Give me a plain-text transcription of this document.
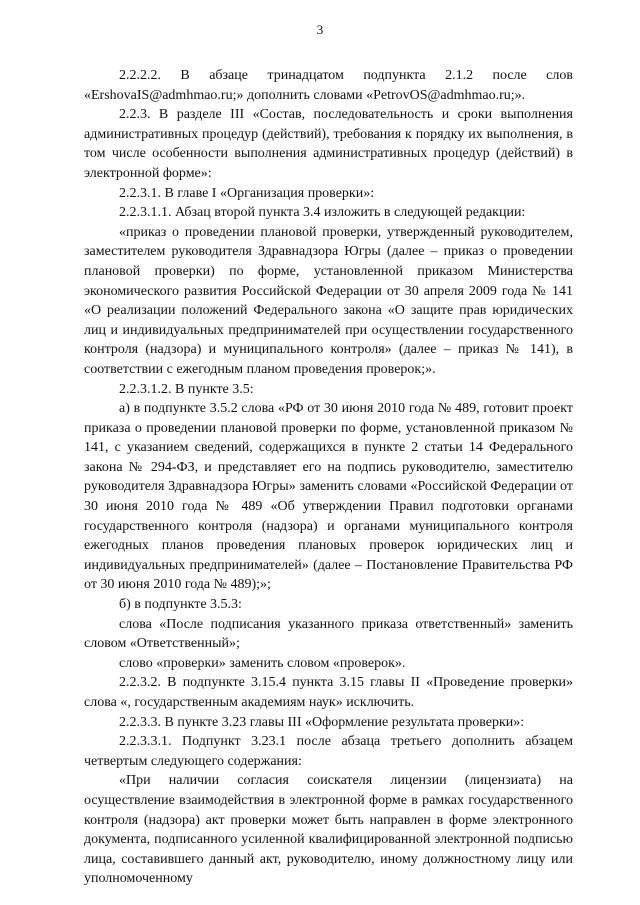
3

2.2.2.2. В абзаце тринадцатом подпункта 2.1.2 после слов «ErshovaIS@admhmao.ru;» дополнить словами «PetrovOS@admhmao.ru;».

2.2.3. В разделе III «Состав, последовательность и сроки выполнения административных процедур (действий), требования к порядку их выполнения, в том числе особенности выполнения административных процедур (действий) в электронной форме»:

2.2.3.1. В главе I «Организация проверки»:

2.2.3.1.1. Абзац второй пункта 3.4 изложить в следующей редакции:

«приказ о проведении плановой проверки, утвержденный руководителем, заместителем руководителя Здравнадзора Югры (далее – приказ о проведении плановой проверки) по форме, установленной приказом Министерства экономического развития Российской Федерации от 30 апреля 2009 года № 141 «О реализации положений Федерального закона «О защите прав юридических лиц и индивидуальных предпринимателей при осуществлении государственного контроля (надзора) и муниципального контроля» (далее – приказ № 141), в соответствии с ежегодным планом проведения проверок;».

2.2.3.1.2. В пункте 3.5:

а) в подпункте 3.5.2 слова «РФ от 30 июня 2010 года № 489, готовит проект приказа о проведении плановой проверки по форме, установленной приказом № 141, с указанием сведений, содержащихся в пункте 2 статьи 14 Федерального закона № 294-ФЗ, и представляет его на подпись руководителю, заместителю руководителя Здравнадзора Югры» заменить словами «Российской Федерации от 30 июня 2010 года № 489 «Об утверждении Правил подготовки органами государственного контроля (надзора) и органами муниципального контроля ежегодных планов проведения плановых проверок юридических лиц и индивидуальных предпринимателей» (далее – Постановление Правительства РФ от 30 июня 2010 года № 489);»;

б) в подпункте 3.5.3:

слова «После подписания указанного приказа ответственный» заменить словом «Ответственный»;

слово «проверки» заменить словом «проверок».

2.2.3.2. В подпункте 3.15.4 пункта 3.15 главы II «Проведение проверки» слова «, государственным академиям наук» исключить.

2.2.3.3. В пункте 3.23 главы III «Оформление результата проверки»:

2.2.3.3.1. Подпункт 3.23.1 после абзаца третьего дополнить абзацем четвертым следующего содержания:

«При наличии согласия соискателя лицензии (лицензиата) на осуществление взаимодействия в электронной форме в рамках государственного контроля (надзора) акт проверки может быть направлен в форме электронного документа, подписанного усиленной квалифицированной электронной подписью лица, составившего данный акт, руководителю, иному должностному лицу или уполномоченному
